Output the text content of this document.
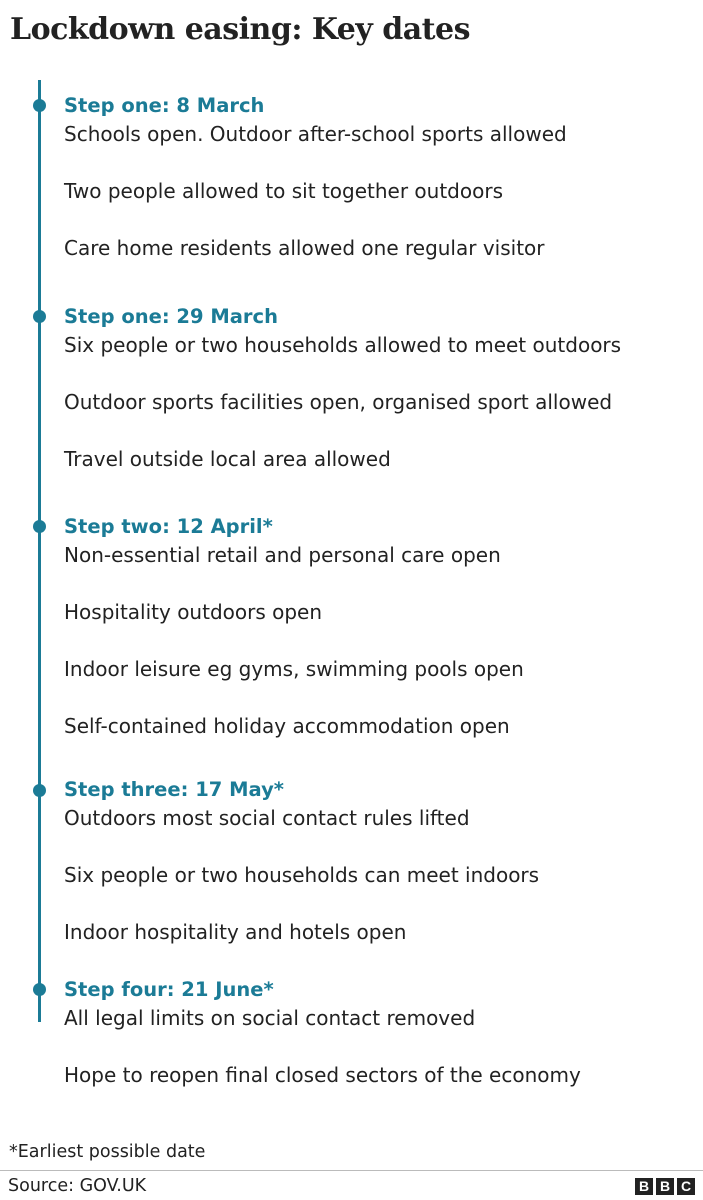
Lockdown easing: Key dates
Step one: 8 March
Schools open. Outdoor after-school sports allowed
Two people allowed to sit together outdoors
Care home residents allowed one regular visitor
Step one: 29 March
Six people or two households allowed to meet outdoors
Outdoor sports facilities open, organised sport allowed
Travel outside local area allowed
Step two: 12 April*
Non-essential retail and personal care open
Hospitality outdoors open
Indoor leisure eg gyms, swimming pools open
Self-contained holiday accommodation open
Step three: 17 May*
Outdoors most social contact rules lifted
Six people or two households can meet indoors
Indoor hospitality and hotels open
Step four: 21 June*
All legal limits on social contact removed
Hope to reopen final closed sectors of the economy
*Earliest possible date
Source: GOV.UK	B B C
